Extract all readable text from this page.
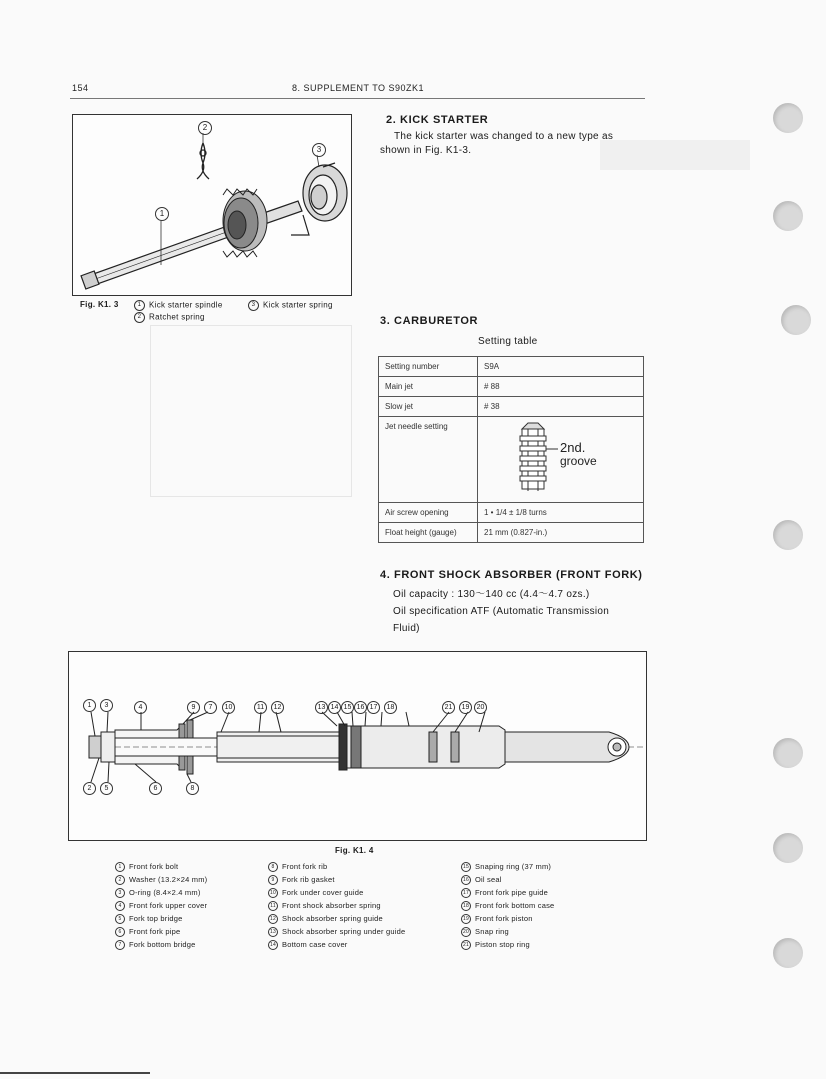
154	8. SUPPLEMENT TO S90ZK1
2
3
1
Fig. K1. 3	1 Kick starter spindle	3 Kick starter spring
2 Ratchet spring
2. KICK STARTER
The kick starter was changed to a new type as shown in Fig. K1-3.
3. CARBURETOR
Setting table
Setting number	S9A
Main jet	# 88
Slow jet	# 38
Jet needle setting	2nd.
groove

Air screw opening	1 • 1/4 ± 1/8 turns
Float height (gauge)	21 mm (0.827-in.)
4. FRONT SHOCK ABSORBER (FRONT FORK)
Oil capacity : 130～140 cc (4.4～4.7 ozs.)
Oil specification ATF (Automatic Transmission
Fluid)
1 3	4	9 7	10	11 12	13 14 15 16 17 18	21 19 20
2 5	6	8
Fig. K1. 4
1 Front fork bolt
2 Washer (13.2×24 mm)
3 O-ring (8.4×2.4 mm)
4 Front fork upper cover
5 Fork top bridge
6 Front fork pipe
7 Fork bottom bridge
8 Front fork rib
9 Fork rib gasket
10 Fork under cover guide
11 Front shock absorber spring
12 Shock absorber spring guide
13 Shock absorber spring under guide
14 Bottom case cover
15 Snaping ring (37 mm)
16 Oil seal
17 Front fork pipe guide
18 Front fork bottom case
19 Front fork piston
20 Snap ring
21 Piston stop ring
